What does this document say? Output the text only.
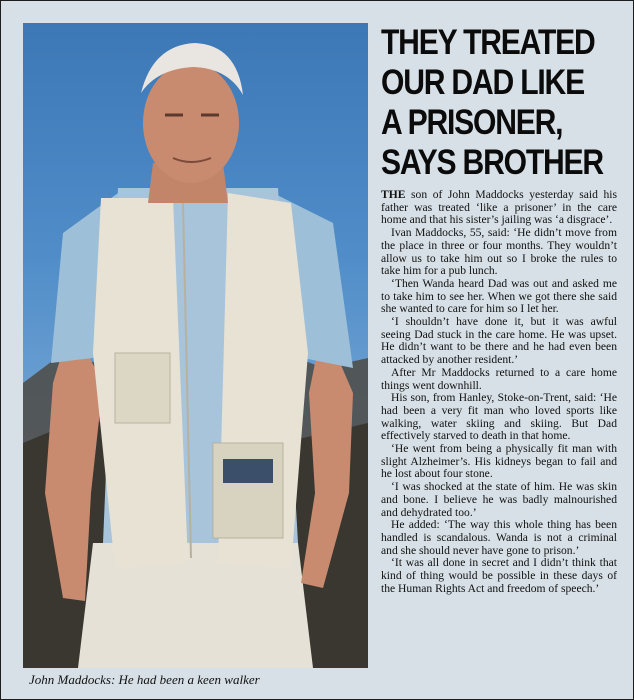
John Maddocks: He had been a keen walker
THEY TREATED
OUR DAD LIKE
A PRISONER,
SAYS BROTHER

THE son of John Maddocks yesterday said his father was treated ‘like a prisoner’ in the care home and that his sister’s jailing was ‘a disgrace’.

Ivan Maddocks, 55, said: ‘He didn’t move from the place in three or four months. They wouldn’t allow us to take him out so I broke the rules to take him for a pub lunch.

‘Then Wanda heard Dad was out and asked me to take him to see her. When we got there she said she wanted to care for him so I let her.

‘I shouldn’t have done it, but it was awful seeing Dad stuck in the care home. He was upset. He didn’t want to be there and he had even been attacked by another resident.’

After Mr Maddocks returned to a care home things went downhill.

His son, from Hanley, Stoke-on-Trent, said: ‘He had been a very fit man who loved sports like walking, water skiing and skiing. But Dad effectively starved to death in that home.

‘He went from being a physically fit man with slight Alzheimer’s. His kidneys began to fail and he lost about four stone.

‘I was shocked at the state of him. He was skin and bone. I believe he was badly malnourished and dehydrated too.’

He added: ‘The way this whole thing has been handled is scandalous. Wanda is not a criminal and she should never have gone to prison.’

‘It was all done in secret and I didn’t think that kind of thing would be possible in these days of the Human Rights Act and freedom of speech.’
